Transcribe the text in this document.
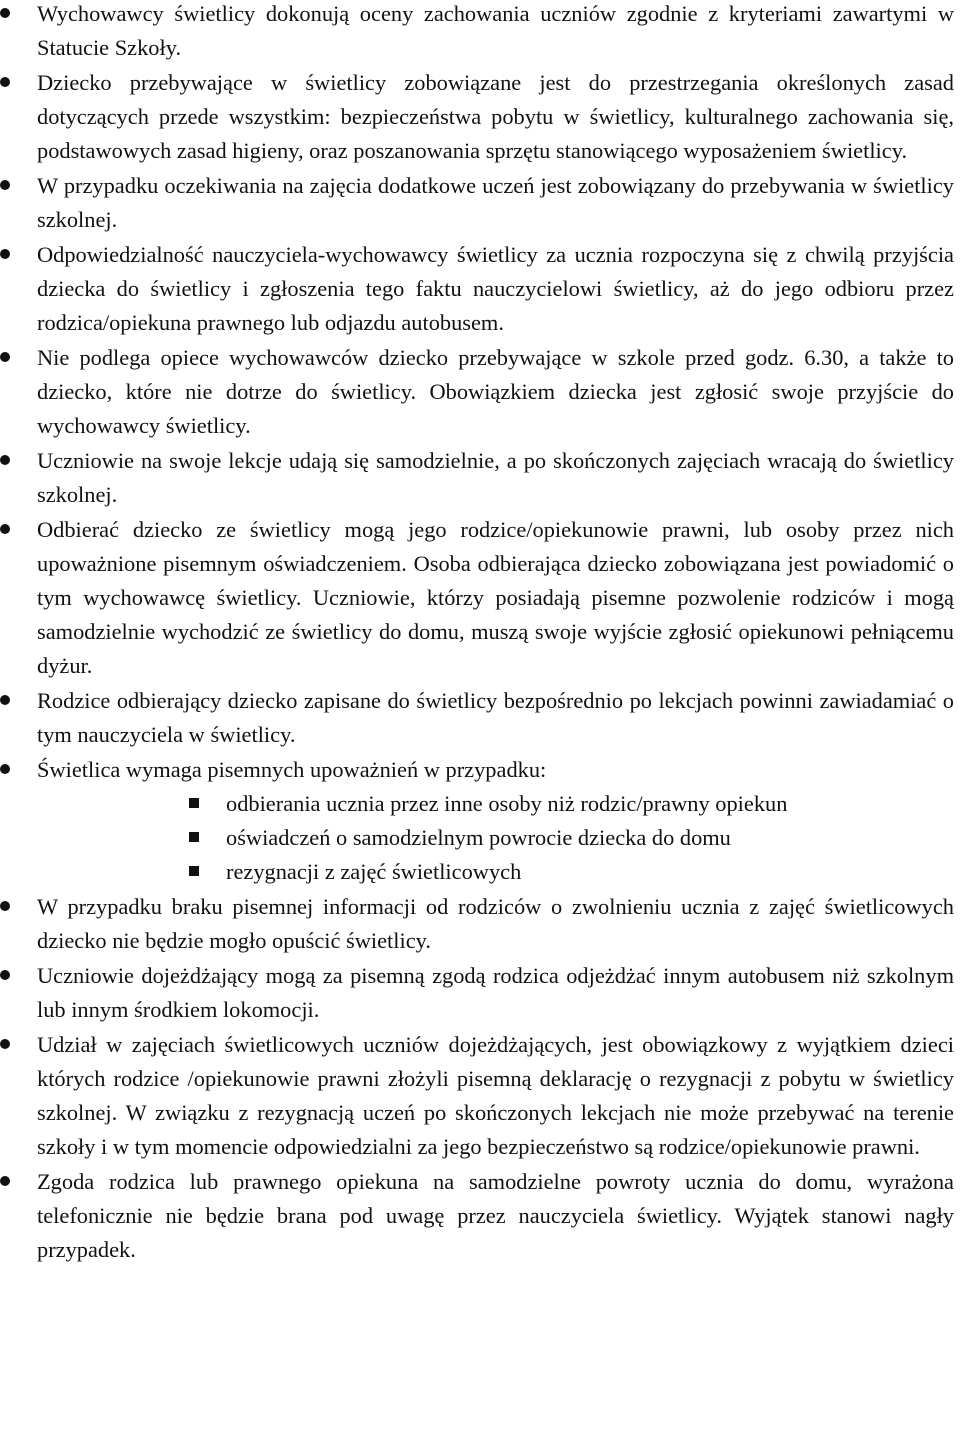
Wychowawcy świetlicy dokonują oceny zachowania uczniów zgodnie z kryteriami zawartymi w Statucie Szkoły.
Dziecko przebywające w świetlicy zobowiązane jest do przestrzegania określonych zasad dotyczących przede wszystkim: bezpieczeństwa pobytu w świetlicy, kulturalnego zachowania się, podstawowych zasad higieny, oraz poszanowania sprzętu stanowiącego wyposażeniem świetlicy.
W przypadku oczekiwania na zajęcia dodatkowe uczeń jest zobowiązany do przebywania w świetlicy szkolnej.
Odpowiedzialność nauczyciela-wychowawcy świetlicy za ucznia rozpoczyna się z chwilą przyjścia dziecka do świetlicy i zgłoszenia tego faktu nauczycielowi świetlicy, aż do jego odbioru przez rodzica/opiekuna prawnego lub odjazdu autobusem.
Nie podlega opiece wychowawców dziecko przebywające w szkole przed godz. 6.30, a także to dziecko, które nie dotrze do świetlicy. Obowiązkiem dziecka jest zgłosić swoje przyjście do wychowawcy świetlicy.
Uczniowie na swoje lekcje udają się samodzielnie, a po skończonych zajęciach wracają do świetlicy szkolnej.
Odbierać dziecko ze świetlicy mogą jego rodzice/opiekunowie prawni, lub osoby przez nich upoważnione pisemnym oświadczeniem. Osoba odbierająca dziecko zobowiązana jest powiadomić o tym wychowawcę świetlicy. Uczniowie, którzy posiadają pisemne pozwolenie rodziców i mogą samodzielnie wychodzić ze świetlicy do domu, muszą swoje wyjście zgłosić opiekunowi pełniącemu dyżur.
Rodzice odbierający dziecko zapisane do świetlicy bezpośrednio po lekcjach powinni zawiadamiać o tym nauczyciela w świetlicy.
Świetlica wymaga pisemnych upoważnień w przypadku:
odbierania ucznia przez inne osoby niż rodzic/prawny opiekun
oświadczeń o samodzielnym powrocie dziecka do domu
rezygnacji z zajęć świetlicowych
W przypadku braku pisemnej informacji od rodziców o zwolnieniu ucznia z zajęć świetlicowych dziecko nie będzie mogło opuścić świetlicy.
Uczniowie dojeżdżający mogą za pisemną zgodą rodzica odjeżdżać innym autobusem niż szkolnym lub innym środkiem lokomocji.
Udział w zajęciach świetlicowych uczniów dojeżdżających, jest obowiązkowy z wyjątkiem dzieci których rodzice /opiekunowie prawni złożyli pisemną deklarację o rezygnacji z pobytu w świetlicy szkolnej. W związku z rezygnacją uczeń po skończonych lekcjach nie może przebywać na terenie szkoły i w tym momencie odpowiedzialni za jego bezpieczeństwo są rodzice/opiekunowie prawni.
Zgoda rodzica lub prawnego opiekuna na samodzielne powroty ucznia do domu, wyrażona telefonicznie nie będzie brana pod uwagę przez nauczyciela świetlicy. Wyjątek stanowi nagły przypadek.
